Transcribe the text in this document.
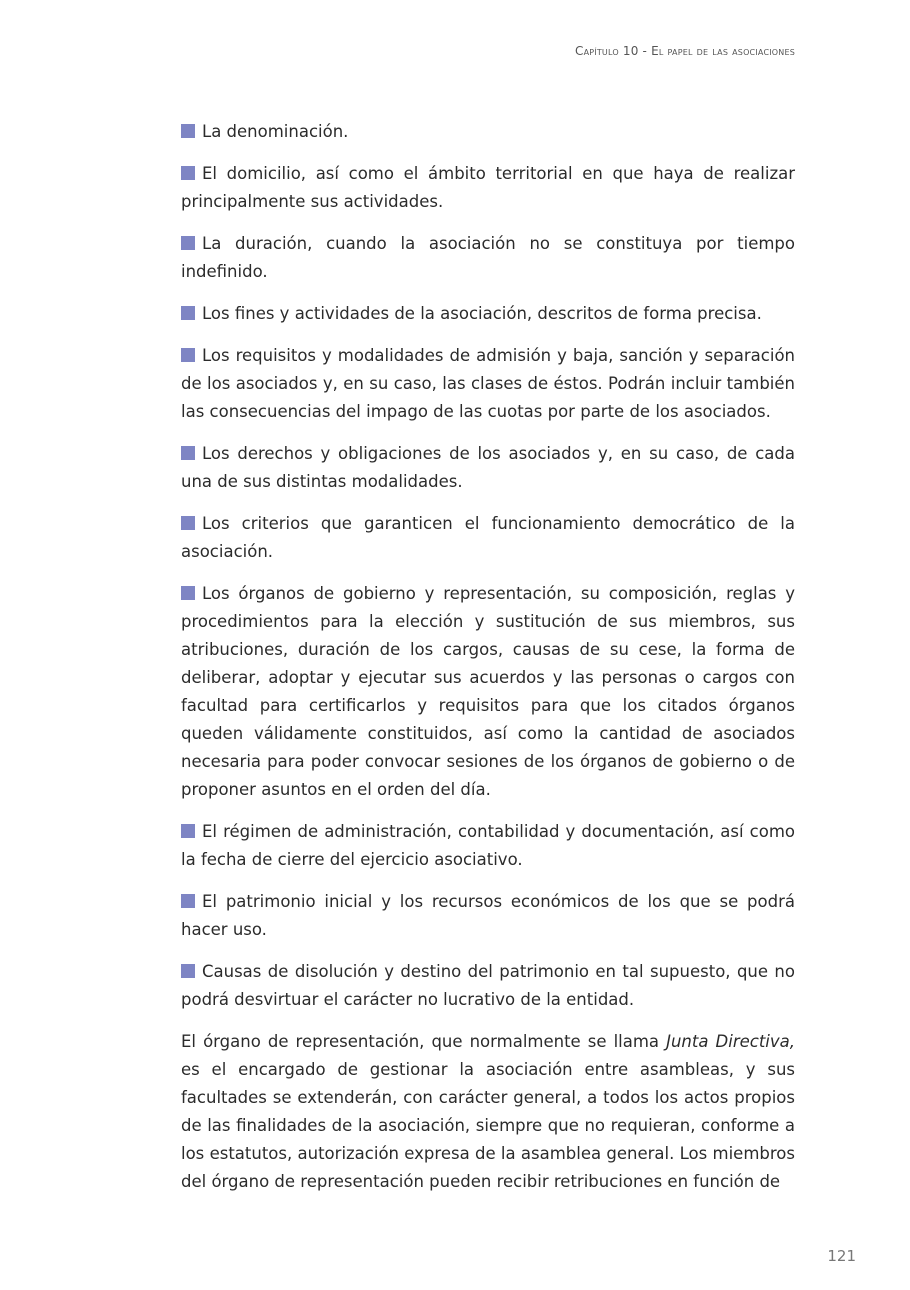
Capítulo 10 - El papel de las asociaciones
La denominación.
El domicilio, así como el ámbito territorial en que haya de realizar principalmente sus actividades.
La duración, cuando la asociación no se constituya por tiempo indefinido.
Los fines y actividades de la asociación, descritos de forma precisa.
Los requisitos y modalidades de admisión y baja, sanción y separación de los asociados y, en su caso, las clases de éstos. Podrán incluir también las consecuencias del impago de las cuotas por parte de los asociados.
Los derechos y obligaciones de los asociados y, en su caso, de cada una de sus distintas modalidades.
Los criterios que garanticen el funcionamiento democrático de la asociación.
Los órganos de gobierno y representación, su composición, reglas y procedimientos para la elección y sustitución de sus miembros, sus atribuciones, duración de los cargos, causas de su cese, la forma de deliberar, adoptar y ejecutar sus acuerdos y las personas o cargos con facultad para certificarlos y requisitos para que los citados órganos queden válidamente constituidos, así como la cantidad de asociados necesaria para poder convocar sesiones de los órganos de gobierno o de proponer asuntos en el orden del día.
El régimen de administración, contabilidad y documentación, así como la fecha de cierre del ejercicio asociativo.
El patrimonio inicial y los recursos económicos de los que se podrá hacer uso.
Causas de disolución y destino del patrimonio en tal supuesto, que no podrá desvirtuar el carácter no lucrativo de la entidad.

El órgano de representación, que normalmente se llama Junta Directiva, es el encargado de gestionar la asociación entre asambleas, y sus facultades se extenderán, con carácter general, a todos los actos propios de las finalidades de la asociación, siempre que no requieran, conforme a los estatutos, autorización expresa de la asamblea general. Los miembros del órgano de representación pueden recibir retribuciones en función de

121
